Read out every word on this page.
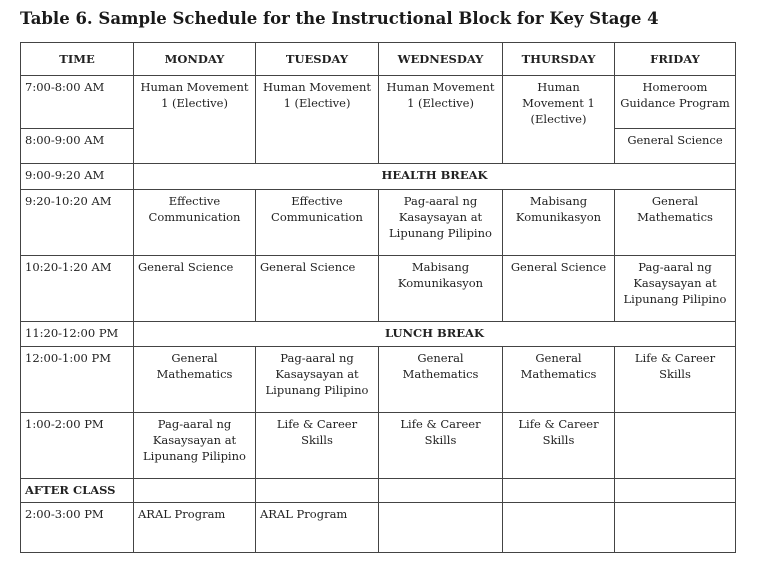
Table 6. Sample Schedule for the Instructional Block for Key Stage 4
TIME	MONDAY	TUESDAY	WEDNESDAY	THURSDAY	FRIDAY
7:00-8:00 AM	Human Movement 1 (Elective)	Human Movement 1 (Elective)	Human Movement 1 (Elective)	Human Movement 1 (Elective)	Homeroom Guidance Program
8:00-9:00 AM					General Science
9:00-9:20 AM	HEALTH BREAK				
9:20-10:20 AM	Effective Communication	Effective Communication	Pag-aaral ng Kasaysayan at Lipunang Pilipino	Mabisang Komunikasyon	General Mathematics
10:20-1:20 AM	General Science	General Science	Mabisang Komunikasyon	General Science	Pag-aaral ng Kasaysayan at Lipunang Pilipino
11:20-12:00 PM	LUNCH BREAK				
12:00-1:00 PM	General Mathematics	Pag-aaral ng Kasaysayan at Lipunang Pilipino	General Mathematics	General Mathematics	Life & Career Skills
1:00-2:00 PM	Pag-aaral ng Kasaysayan at Lipunang Pilipino	Life & Career Skills	Life & Career Skills	Life & Career Skills	
AFTER CLASS					
2:00-3:00 PM	ARAL Program	ARAL Program			
